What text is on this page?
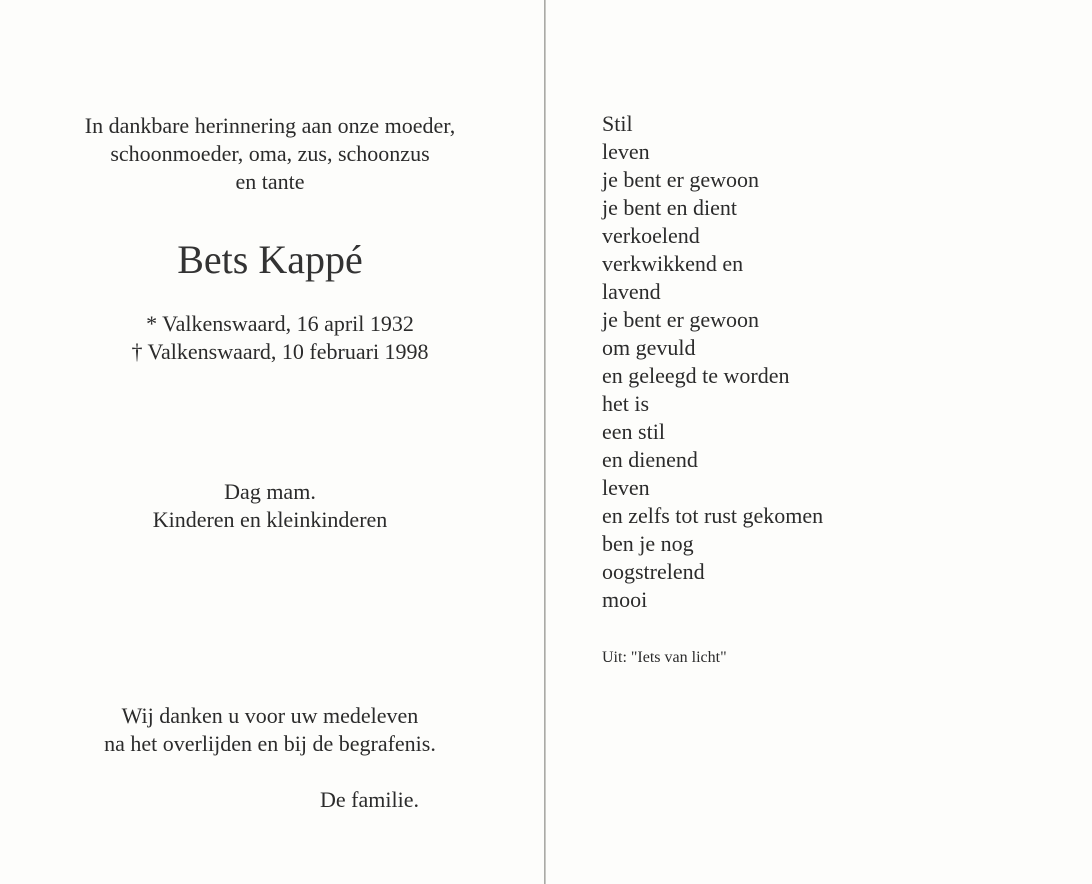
In dankbare herinnering aan onze moeder,
schoonmoeder, oma, zus, schoonzus
en tante
Bets Kappé
* Valkenswaard, 16 april 1932
† Valkenswaard, 10 februari 1998
Dag mam.
Kinderen en kleinkinderen
Wij danken u voor uw medeleven
na het overlijden en bij de begrafenis.
De familie.
Stil
leven
je bent er gewoon
je bent en dient
verkoelend
verkwikkend en
lavend
je bent er gewoon
om gevuld
en geleegd te worden
het is
een stil
en dienend
leven
en zelfs tot rust gekomen
ben je nog
oogstrelend
mooi
Uit: "Iets van licht"
